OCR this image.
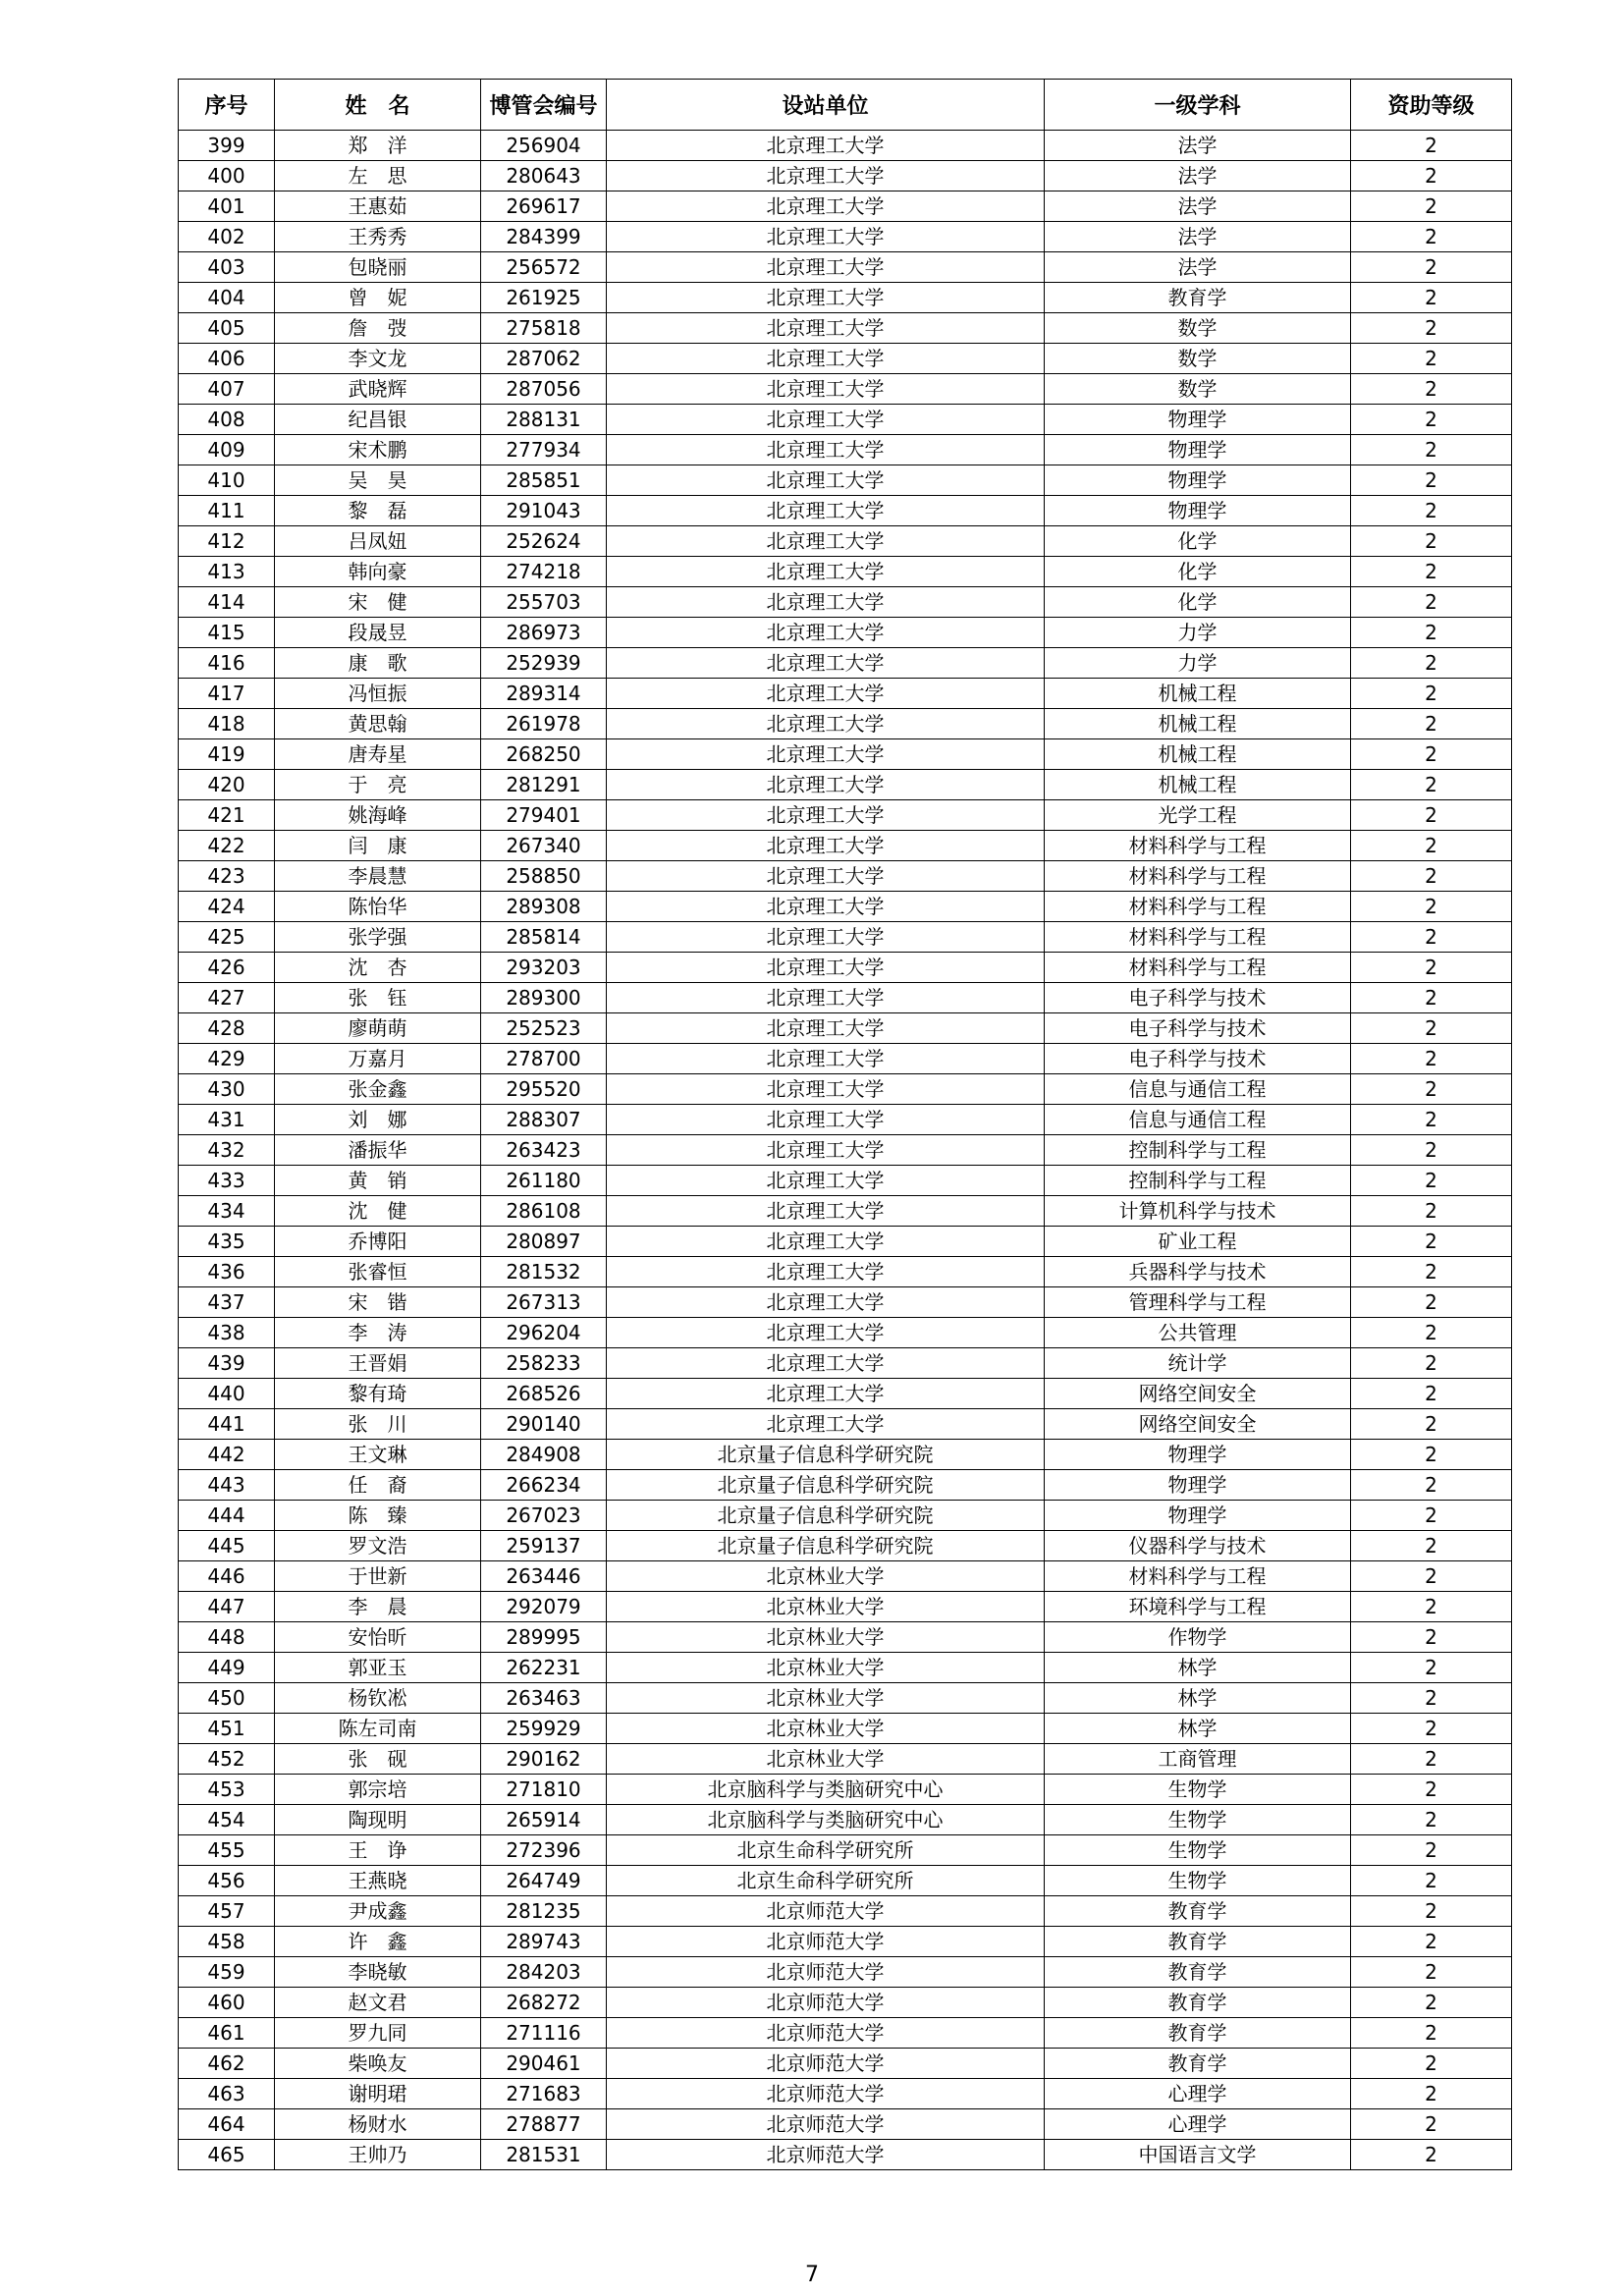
序号	姓　名	博管会编号	设站单位	一级学科	资助等级
399	郑　洋	256904	北京理工大学	法学	2
400	左　思	280643	北京理工大学	法学	2
401	王惠茹	269617	北京理工大学	法学	2
402	王秀秀	284399	北京理工大学	法学	2
403	包晓丽	256572	北京理工大学	法学	2
404	曾　妮	261925	北京理工大学	教育学	2
405	詹　弢	275818	北京理工大学	数学	2
406	李文龙	287062	北京理工大学	数学	2
407	武晓辉	287056	北京理工大学	数学	2
408	纪昌银	288131	北京理工大学	物理学	2
409	宋术鹏	277934	北京理工大学	物理学	2
410	吴　昊	285851	北京理工大学	物理学	2
411	黎　磊	291043	北京理工大学	物理学	2
412	吕凤妞	252624	北京理工大学	化学	2
413	韩向豪	274218	北京理工大学	化学	2
414	宋　健	255703	北京理工大学	化学	2
415	段晟昱	286973	北京理工大学	力学	2
416	康　歌	252939	北京理工大学	力学	2
417	冯恒振	289314	北京理工大学	机械工程	2
418	黄思翰	261978	北京理工大学	机械工程	2
419	唐寿星	268250	北京理工大学	机械工程	2
420	于　亮	281291	北京理工大学	机械工程	2
421	姚海峰	279401	北京理工大学	光学工程	2
422	闫　康	267340	北京理工大学	材料科学与工程	2
423	李晨慧	258850	北京理工大学	材料科学与工程	2
424	陈怡华	289308	北京理工大学	材料科学与工程	2
425	张学强	285814	北京理工大学	材料科学与工程	2
426	沈　杏	293203	北京理工大学	材料科学与工程	2
427	张　钰	289300	北京理工大学	电子科学与技术	2
428	廖萌萌	252523	北京理工大学	电子科学与技术	2
429	万嘉月	278700	北京理工大学	电子科学与技术	2
430	张金鑫	295520	北京理工大学	信息与通信工程	2
431	刘　娜	288307	北京理工大学	信息与通信工程	2
432	潘振华	263423	北京理工大学	控制科学与工程	2
433	黄　销	261180	北京理工大学	控制科学与工程	2
434	沈　健	286108	北京理工大学	计算机科学与技术	2
435	乔博阳	280897	北京理工大学	矿业工程	2
436	张睿恒	281532	北京理工大学	兵器科学与技术	2
437	宋　锴	267313	北京理工大学	管理科学与工程	2
438	李　涛	296204	北京理工大学	公共管理	2
439	王晋娟	258233	北京理工大学	统计学	2
440	黎有琦	268526	北京理工大学	网络空间安全	2
441	张　川	290140	北京理工大学	网络空间安全	2
442	王文琳	284908	北京量子信息科学研究院	物理学	2
443	任　裔	266234	北京量子信息科学研究院	物理学	2
444	陈　臻	267023	北京量子信息科学研究院	物理学	2
445	罗文浩	259137	北京量子信息科学研究院	仪器科学与技术	2
446	于世新	263446	北京林业大学	材料科学与工程	2
447	李　晨	292079	北京林业大学	环境科学与工程	2
448	安怡昕	289995	北京林业大学	作物学	2
449	郭亚玉	262231	北京林业大学	林学	2
450	杨钦凇	263463	北京林业大学	林学	2
451	陈左司南	259929	北京林业大学	林学	2
452	张　砚	290162	北京林业大学	工商管理	2
453	郭宗培	271810	北京脑科学与类脑研究中心	生物学	2
454	陶现明	265914	北京脑科学与类脑研究中心	生物学	2
455	王　诤	272396	北京生命科学研究所	生物学	2
456	王燕晓	264749	北京生命科学研究所	生物学	2
457	尹成鑫	281235	北京师范大学	教育学	2
458	许　鑫	289743	北京师范大学	教育学	2
459	李晓敏	284203	北京师范大学	教育学	2
460	赵文君	268272	北京师范大学	教育学	2
461	罗九同	271116	北京师范大学	教育学	2
462	柴唤友	290461	北京师范大学	教育学	2
463	谢明珺	271683	北京师范大学	心理学	2
464	杨财水	278877	北京师范大学	心理学	2
465	王帅乃	281531	北京师范大学	中国语言文学	2
7
